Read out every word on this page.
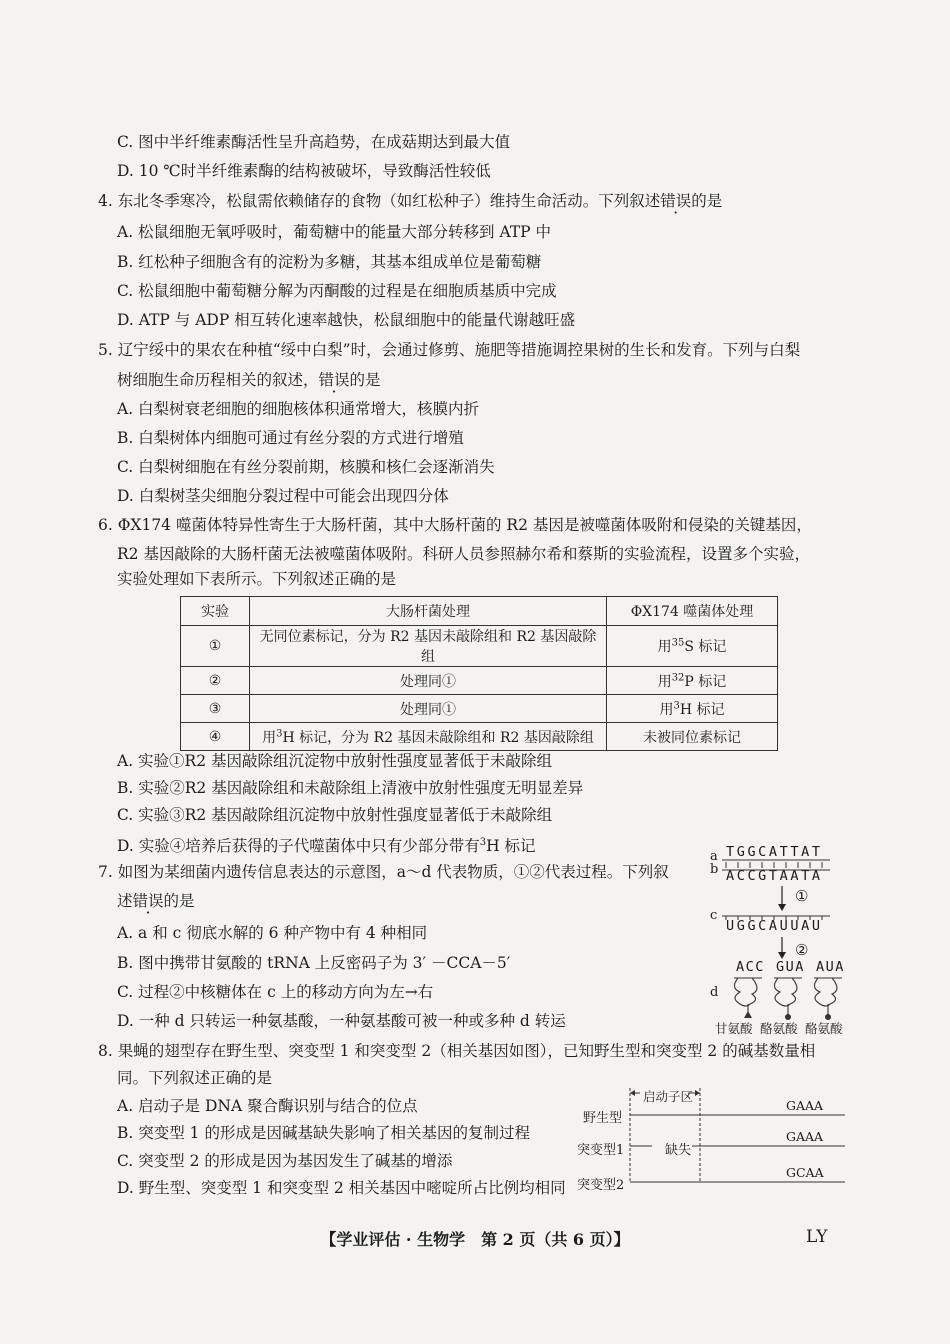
C. 图中半纤维素酶活性呈升高趋势，在成菇期达到最大值
D. 10 ℃时半纤维素酶的结构被破坏，导致酶活性较低
4. 东北冬季寒冷，松鼠需依赖储存的食物（如红松种子）维持生命活动。下列叙述错误的是
A. 松鼠细胞无氧呼吸时，葡萄糖中的能量大部分转移到 ATP 中
B. 红松种子细胞含有的淀粉为多糖，其基本组成单位是葡萄糖
C. 松鼠细胞中葡萄糖分解为丙酮酸的过程是在细胞质基质中完成
D. ATP 与 ADP 相互转化速率越快，松鼠细胞中的能量代谢越旺盛
5. 辽宁绥中的果农在种植“绥中白梨”时，会通过修剪、施肥等措施调控果树的生长和发育。下列与白梨
树细胞生命历程相关的叙述，错误的是
A. 白梨树衰老细胞的细胞核体积通常增大，核膜内折
B. 白梨树体内细胞可通过有丝分裂的方式进行增殖
C. 白梨树细胞在有丝分裂前期，核膜和核仁会逐渐消失
D. 白梨树茎尖细胞分裂过程中可能会出现四分体
6. ΦX174 噬菌体特异性寄生于大肠杆菌，其中大肠杆菌的 R2 基因是被噬菌体吸附和侵染的关键基因，
R2 基因敲除的大肠杆菌无法被噬菌体吸附。科研人员参照赫尔希和蔡斯的实验流程，设置多个实验，
实验处理如下表所示。下列叙述正确的是
实验	大肠杆菌处理	ΦX174 噬菌体处理
①	无同位素标记，分为 R2 基因未敲除组和 R2 基因敲除组	用$^{35}$S 标记
②	处理同①	用$^{32}$P 标记
③	处理同①	用$^3$H 标记
④	用$^3$H 标记，分为 R2 基因未敲除组和 R2 基因敲除组	未被同位素标记
A. 实验①R2 基因敲除组沉淀物中放射性强度显著低于未敲除组
B. 实验②R2 基因敲除组和未敲除组上清液中放射性强度无明显差异
C. 实验③R2 基因敲除组沉淀物中放射性强度显著低于未敲除组
D. 实验④培养后获得的子代噬菌体中只有少部分带有$^3$H 标记
7. 如图为某细菌内遗传信息表达的示意图，a～d 代表物质，①②代表过程。下列叙
述错误的是
A. a 和 c 彻底水解的 6 种产物中有 4 种相同
B. 图中携带甘氨酸的 tRNA 上反密码子为 3′ －CCA－5′
C. 过程②中核糖体在 c 上的移动方向为左→右
D. 一种 d 只转运一种氨基酸，一种氨基酸可被一种或多种 d 转运
a
b
TGGCATTAT
ACCGTAATA
①
c
UGGCAUUAU
②
ACC GUA AUA
d
甘氨酸 酪氨酸 酪氨酸
8. 果蝇的翅型存在野生型、突变型 1 和突变型 2（相关基因如图），已知野生型和突变型 2 的碱基数量相
同。下列叙述正确的是
A. 启动子是 DNA 聚合酶识别与结合的位点
B. 突变型 1 的形成是因碱基缺失影响了相关基因的复制过程
C. 突变型 2 的形成是因为基因发生了碱基的增添
D. 野生型、突变型 1 和突变型 2 相关基因中嘧啶所占比例均相同
启动子区
野生型
GAAA
突变型1
GAAA
缺失
突变型2
GCAA
【学业评估 · 生物学　第 2 页（共 6 页）】	LY
